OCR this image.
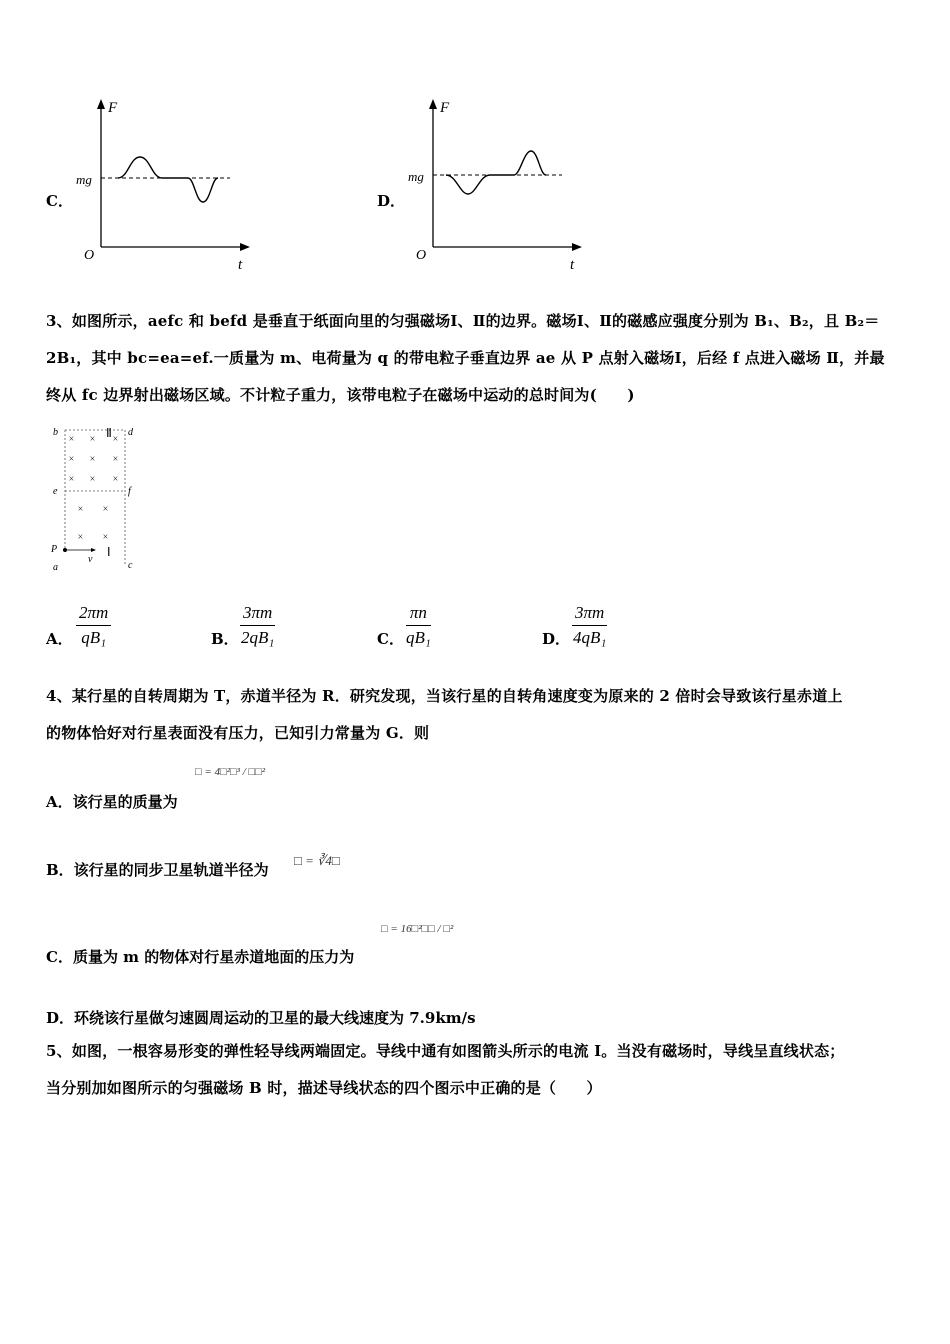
C．
F
t
O
mg
D．
F
t
O
mg
3、如图所示，aefc 和 befd 是垂直于纸面向里的匀强磁场Ⅰ、Ⅱ的边界。磁场Ⅰ、Ⅱ的磁感应强度分别为 B₁、B₂，且 B₂＝
2B₁，其中 bc=ea=ef.一质量为 m、电荷量为 q 的带电粒子垂直边界 ae 从 P 点射入磁场Ⅰ，后经 f 点进入磁场 Ⅱ，并最
终从 fc 边界射出磁场区域。不计粒子重力，该带电粒子在磁场中运动的总时间为(　　)
× × ×
× × ×
× × ×
× ×
× ×
b	d
e	f
P
a
v
c
Ⅰ
Ⅱ
A．
2πm
qB₁	B．
3πm
2qB₁	C．
πn
qB₁	D．
3πm
4qB₁
4、某行星的自转周期为 T，赤道半径为 R．研究发现，当该行星的自转角速度变为原来的 2 倍时会导致该行星赤道上
的物体恰好对行星表面没有压力，已知引力常量为 G．则
A．该行星的质量为
□ = 4□²□³ / □□²
B．该行星的同步卫星轨道半径为
□ = ∛4□
C．质量为 m 的物体对行星赤道地面的压力为
□ = 16□²□□ / □²
D．环绕该行星做匀速圆周运动的卫星的最大线速度为 7.9km/s
5、如图，一根容易形变的弹性轻导线两端固定。导线中通有如图箭头所示的电流 I。当没有磁场时，导线呈直线状态；
当分别加如图所示的匀强磁场 B 时，描述导线状态的四个图示中正确的是（　　）
